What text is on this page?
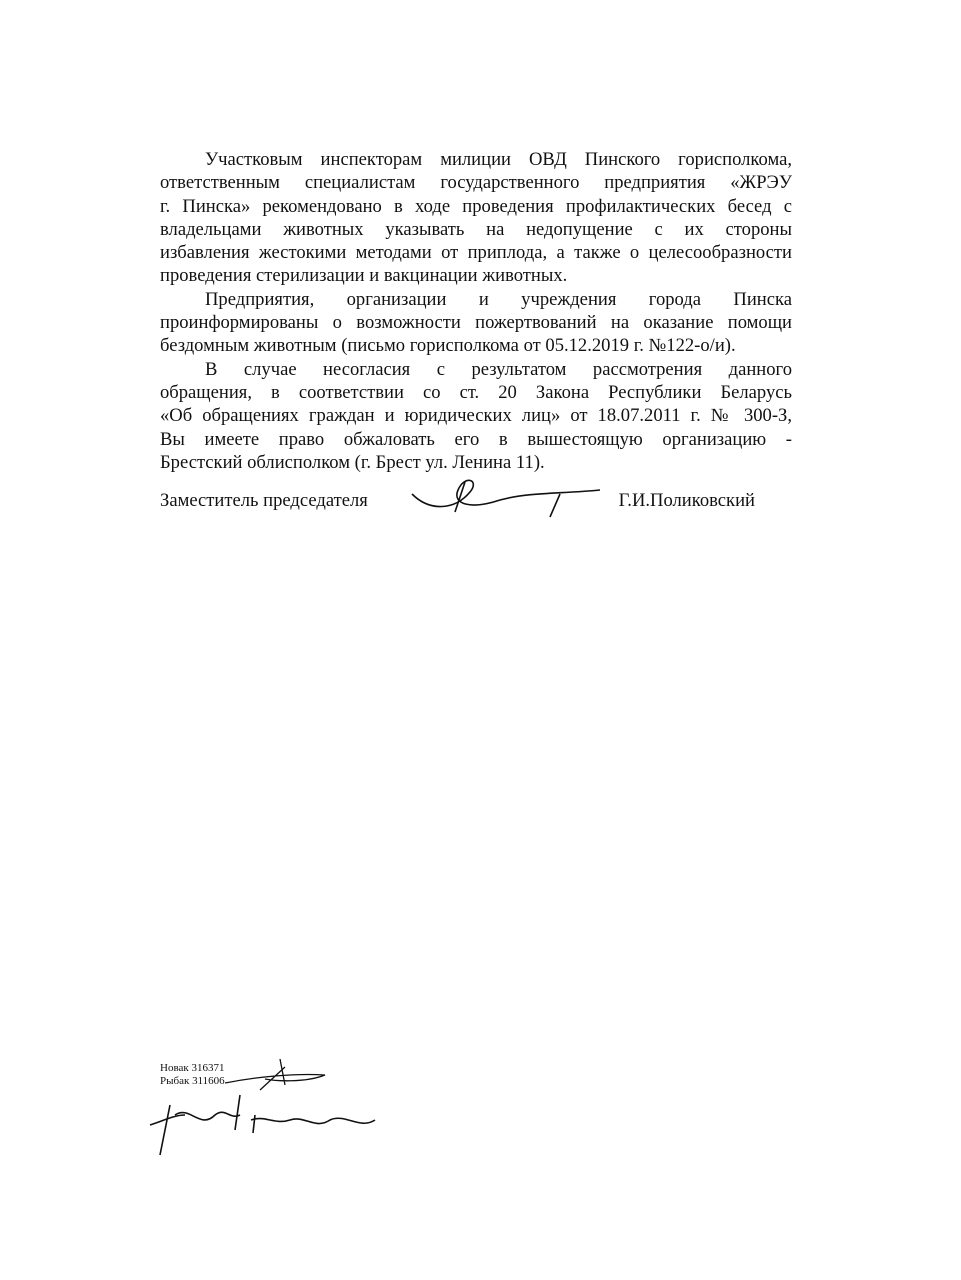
Участковым инспекторам милиции ОВД Пинского горисполкома,
ответственным специалистам государственного предприятия «ЖРЭУ
г. Пинска» рекомендовано в ходе проведения профилактических бесед с
владельцами животных указывать на недопущение с их стороны
избавления жестокими методами от приплода, а также о целесообразности
проведения стерилизации и вакцинации животных.
Предприятия, организации и учреждения города Пинска
проинформированы о возможности пожертвований на оказание помощи
бездомным животным (письмо горисполкома от 05.12.2019 г. №122-о/и).
В случае несогласия с результатом рассмотрения данного
обращения, в соответствии со ст. 20 Закона Республики Беларусь
«Об обращениях граждан и юридических лиц» от 18.07.2011 г. № 300-З,
Вы имеете право обжаловать его в вышестоящую организацию -
Брестский облисполком (г. Брест ул. Ленина 11).
Заместитель председателя	Г.И.Поликовский
Новак 316371
Рыбак 311606
